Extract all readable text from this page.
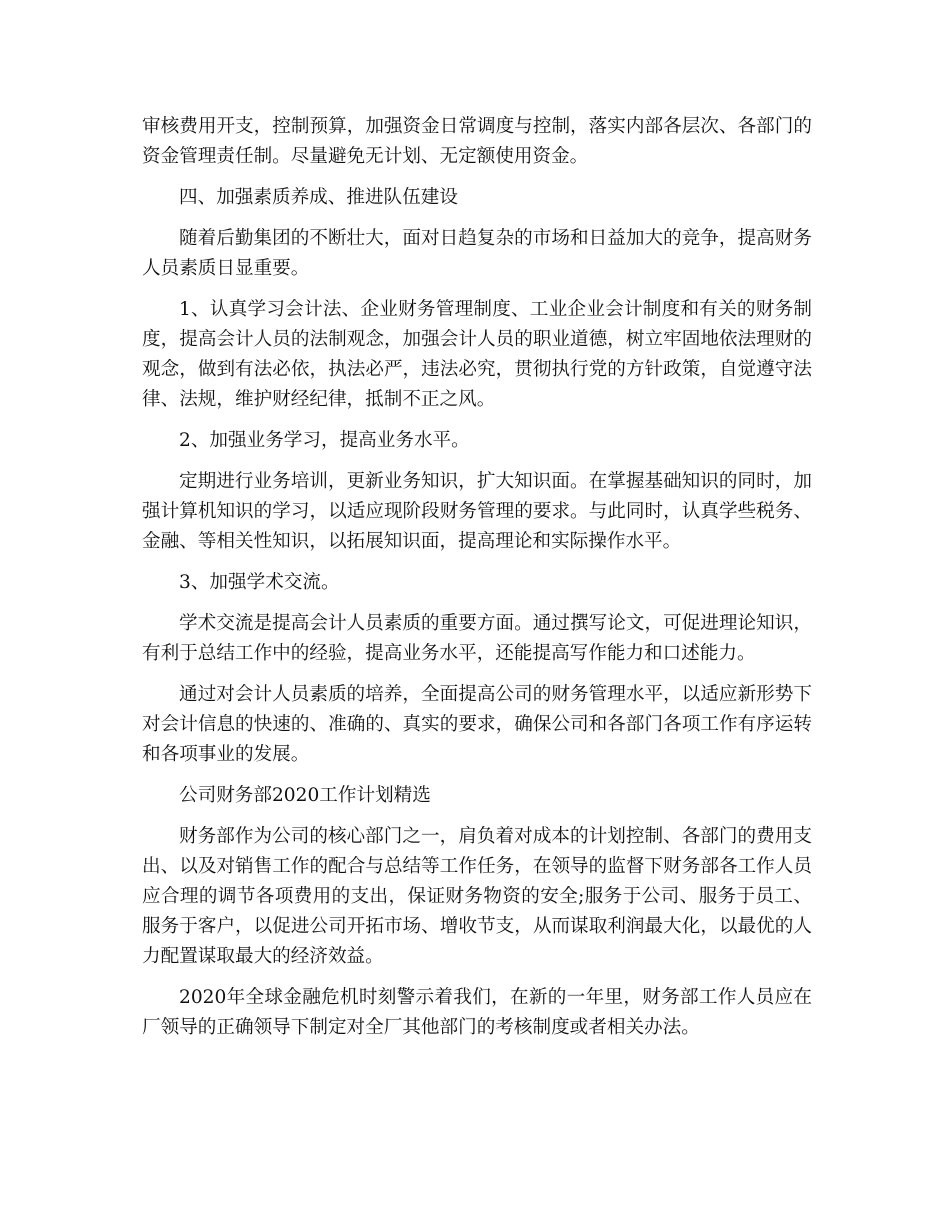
审核费用开支，控制预算，加强资金日常调度与控制，落实内部各层次、各部门的资金管理责任制。尽量避免无计划、无定额使用资金。

四、加强素质养成、推进队伍建设

随着后勤集团的不断壮大，面对日趋复杂的市场和日益加大的竞争，提高财务人员素质日显重要。

1、认真学习会计法、企业财务管理制度、工业企业会计制度和有关的财务制度，提高会计人员的法制观念，加强会计人员的职业道德，树立牢固地依法理财的观念，做到有法必依，执法必严，违法必究，贯彻执行党的方针政策，自觉遵守法律、法规，维护财经纪律，抵制不正之风。

2、加强业务学习，提高业务水平。

定期进行业务培训，更新业务知识，扩大知识面。在掌握基础知识的同时，加强计算机知识的学习，以适应现阶段财务管理的要求。与此同时，认真学些税务、金融、等相关性知识，以拓展知识面，提高理论和实际操作水平。

3、加强学术交流。

学术交流是提高会计人员素质的重要方面。通过撰写论文，可促进理论知识，有利于总结工作中的经验，提高业务水平，还能提高写作能力和口述能力。

通过对会计人员素质的培养，全面提高公司的财务管理水平，以适应新形势下对会计信息的快速的、准确的、真实的要求，确保公司和各部门各项工作有序运转和各项事业的发展。

公司财务部2020工作计划精选

财务部作为公司的核心部门之一，肩负着对成本的计划控制、各部门的费用支出、以及对销售工作的配合与总结等工作任务，在领导的监督下财务部各工作人员应合理的调节各项费用的支出，保证财务物资的安全;服务于公司、服务于员工、服务于客户，以促进公司开拓市场、增收节支，从而谋取利润最大化，以最优的人力配置谋取最大的经济效益。

2020年全球金融危机时刻警示着我们，在新的一年里，财务部工作人员应在厂领导的正确领导下制定对全厂其他部门的考核制度或者相关办法。
